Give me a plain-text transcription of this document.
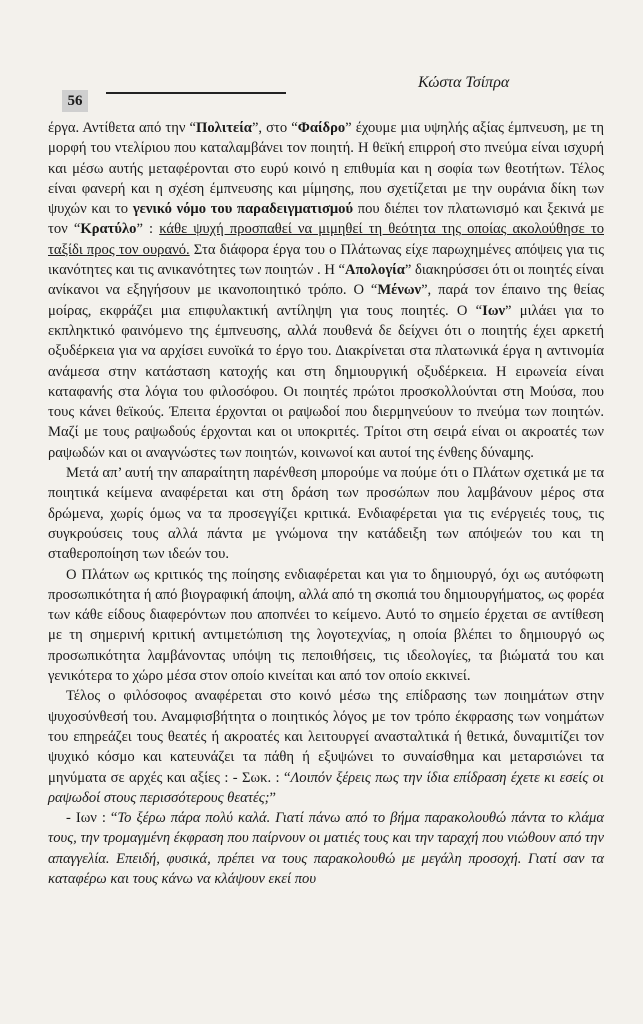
56
Κώστα Τσίπρα

έργα. Αντίθετα από την “Πολιτεία”, στο “Φαίδρο” έχουμε μια υψηλής αξίας έμπνευση, με τη μορφή του ντελίριου που καταλαμβάνει τον ποιητή. Η θεϊκή επιρροή στο πνεύμα είναι ισχυρή και μέσω αυτής μεταφέρονται στο ευρύ κοινό η επιθυμία και η σοφία των θεοτήτων. Τέλος είναι φανερή και η σχέση έμπνευσης και μίμησης, που σχετίζεται με την ουράνια δίκη των ψυχών και το γενικό νόμο του παραδειγματισμού που διέπει τον πλατωνισμό και ξεκινά με τον “Κρατύλο” : κάθε ψυχή προσπαθεί να μιμηθεί τη θεότητα της οποίας ακολούθησε το ταξίδι προς τον ουρανό. Στα διάφορα έργα του ο Πλάτωνας είχε παρωχημένες απόψεις για τις ικανότητες και τις ανικανότητες των ποιητών . Η “Απολογία” διακηρύσσει ότι οι ποιητές είναι ανίκανοι να εξηγήσουν με ικανοποιητικό τρόπο. Ο “Μένων”, παρά τον έπαινο της θείας μοίρας, εκφράζει μια επιφυλακτική αντίληψη για τους ποιητές. Ο “Ιων” μιλάει για το εκπληκτικό φαινόμενο της έμπνευσης, αλλά πουθενά δε δείχνει ότι ο ποιητής έχει αρκετή οξυδέρκεια για να αρχίσει ευνοϊκά το έργο του. Διακρίνεται στα πλατωνικά έργα η αντινομία ανάμεσα στην κατάσταση κατοχής και στη δημιουργική οξυδέρκεια. Η ειρωνεία είναι καταφανής στα λόγια του φιλοσόφου. Οι ποιητές πρώτοι προσκολλούνται στη Μούσα, που τους κάνει θεϊκούς. Έπειτα έρχονται οι ραψωδοί που διερμηνεύουν το πνεύμα των ποιητών. Μαζί με τους ραψωδούς έρχονται και οι υποκριτές. Τρίτοι στη σειρά είναι οι ακροατές των ραψωδών και οι αναγνώστες των ποιητών, κοινωνοί και αυτοί της ένθεης δύναμης.

Μετά απ’ αυτή την απαραίτητη παρένθεση μπορούμε να πούμε ότι ο Πλάτων σχετικά με τα ποιητικά κείμενα αναφέρεται και στη δράση των προσώπων που λαμβάνουν μέρος στα δρώμενα, χωρίς όμως να τα προσεγγίζει κριτικά. Ενδιαφέρεται για τις ενέργειές τους, τις συγκρούσεις τους αλλά πάντα με γνώμονα την κατάδειξη των απόψεών του και τη σταθεροποίηση των ιδεών του.

Ο Πλάτων ως κριτικός της ποίησης ενδιαφέρεται και για το δημιουργό, όχι ως αυτόφωτη προσωπικότητα ή από βιογραφική άποψη, αλλά από τη σκοπιά του δημιουργήματος, ως φορέα των κάθε είδους διαφερόντων που αποπνέει το κείμενο. Αυτό το σημείο έρχεται σε αντίθεση με τη σημερινή κριτική αντιμετώπιση της λογοτεχνίας, η οποία βλέπει το δημιουργό ως προσωπικότητα λαμβάνοντας υπόψη τις πεποιθήσεις, τις ιδεολογίες, τα βιώματά του και γενικότερα το χώρο μέσα στον οποίο κινείται και από τον οποίο εκκινεί.

Τέλος ο φιλόσοφος αναφέρεται στο κοινό μέσω της επίδρασης των ποιημάτων στην ψυχοσύνθεσή του. Αναμφισβήτητα ο ποιητικός λόγος με τον τρόπο έκφρασης των νοημάτων του επηρεάζει τους θεατές ή ακροατές και λειτουργεί ανασταλτικά ή θετικά, δυναμιτίζει τον ψυχικό κόσμο και κατευνάζει τα πάθη ή εξυψώνει το συναίσθημα και μεταρσιώνει τα μηνύματα σε αρχές και αξίες : - Σωκ. : “Λοιπόν ξέρεις πως την ίδια επίδραση έχετε κι εσείς οι ραψωδοί στους περισσότερους θεατές;”

- Ιων : “Το ξέρω πάρα πολύ καλά. Γιατί πάνω από το βήμα παρακολουθώ πάντα το κλάμα τους, την τρομαγμένη έκφραση που παίρνουν οι ματιές τους και την ταραχή που νιώθουν από την απαγγελία. Επειδή, φυσικά, πρέπει να τους παρακολουθώ με μεγάλη προσοχή. Γιατί σαν τα καταφέρω και τους κάνω να κλάψουν εκεί που
